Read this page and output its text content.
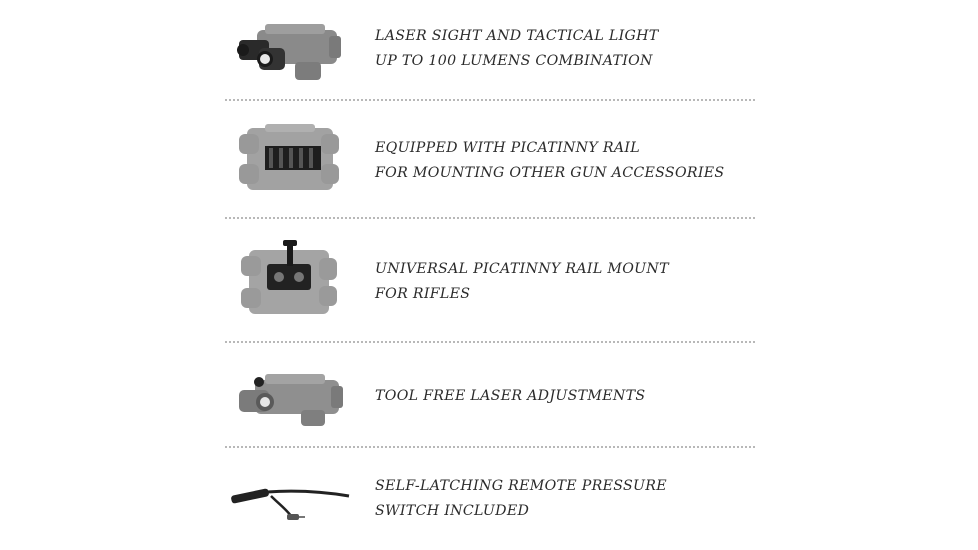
LASER SIGHT AND TACTICAL LIGHT
UP TO 100 LUMENS COMBINATION
EQUIPPED WITH PICATINNY RAIL
FOR MOUNTING OTHER GUN ACCESSORIES
UNIVERSAL PICATINNY RAIL MOUNT
FOR RIFLES
TOOL FREE LASER ADJUSTMENTS
SELF-LATCHING REMOTE PRESSURE
SWITCH INCLUDED
